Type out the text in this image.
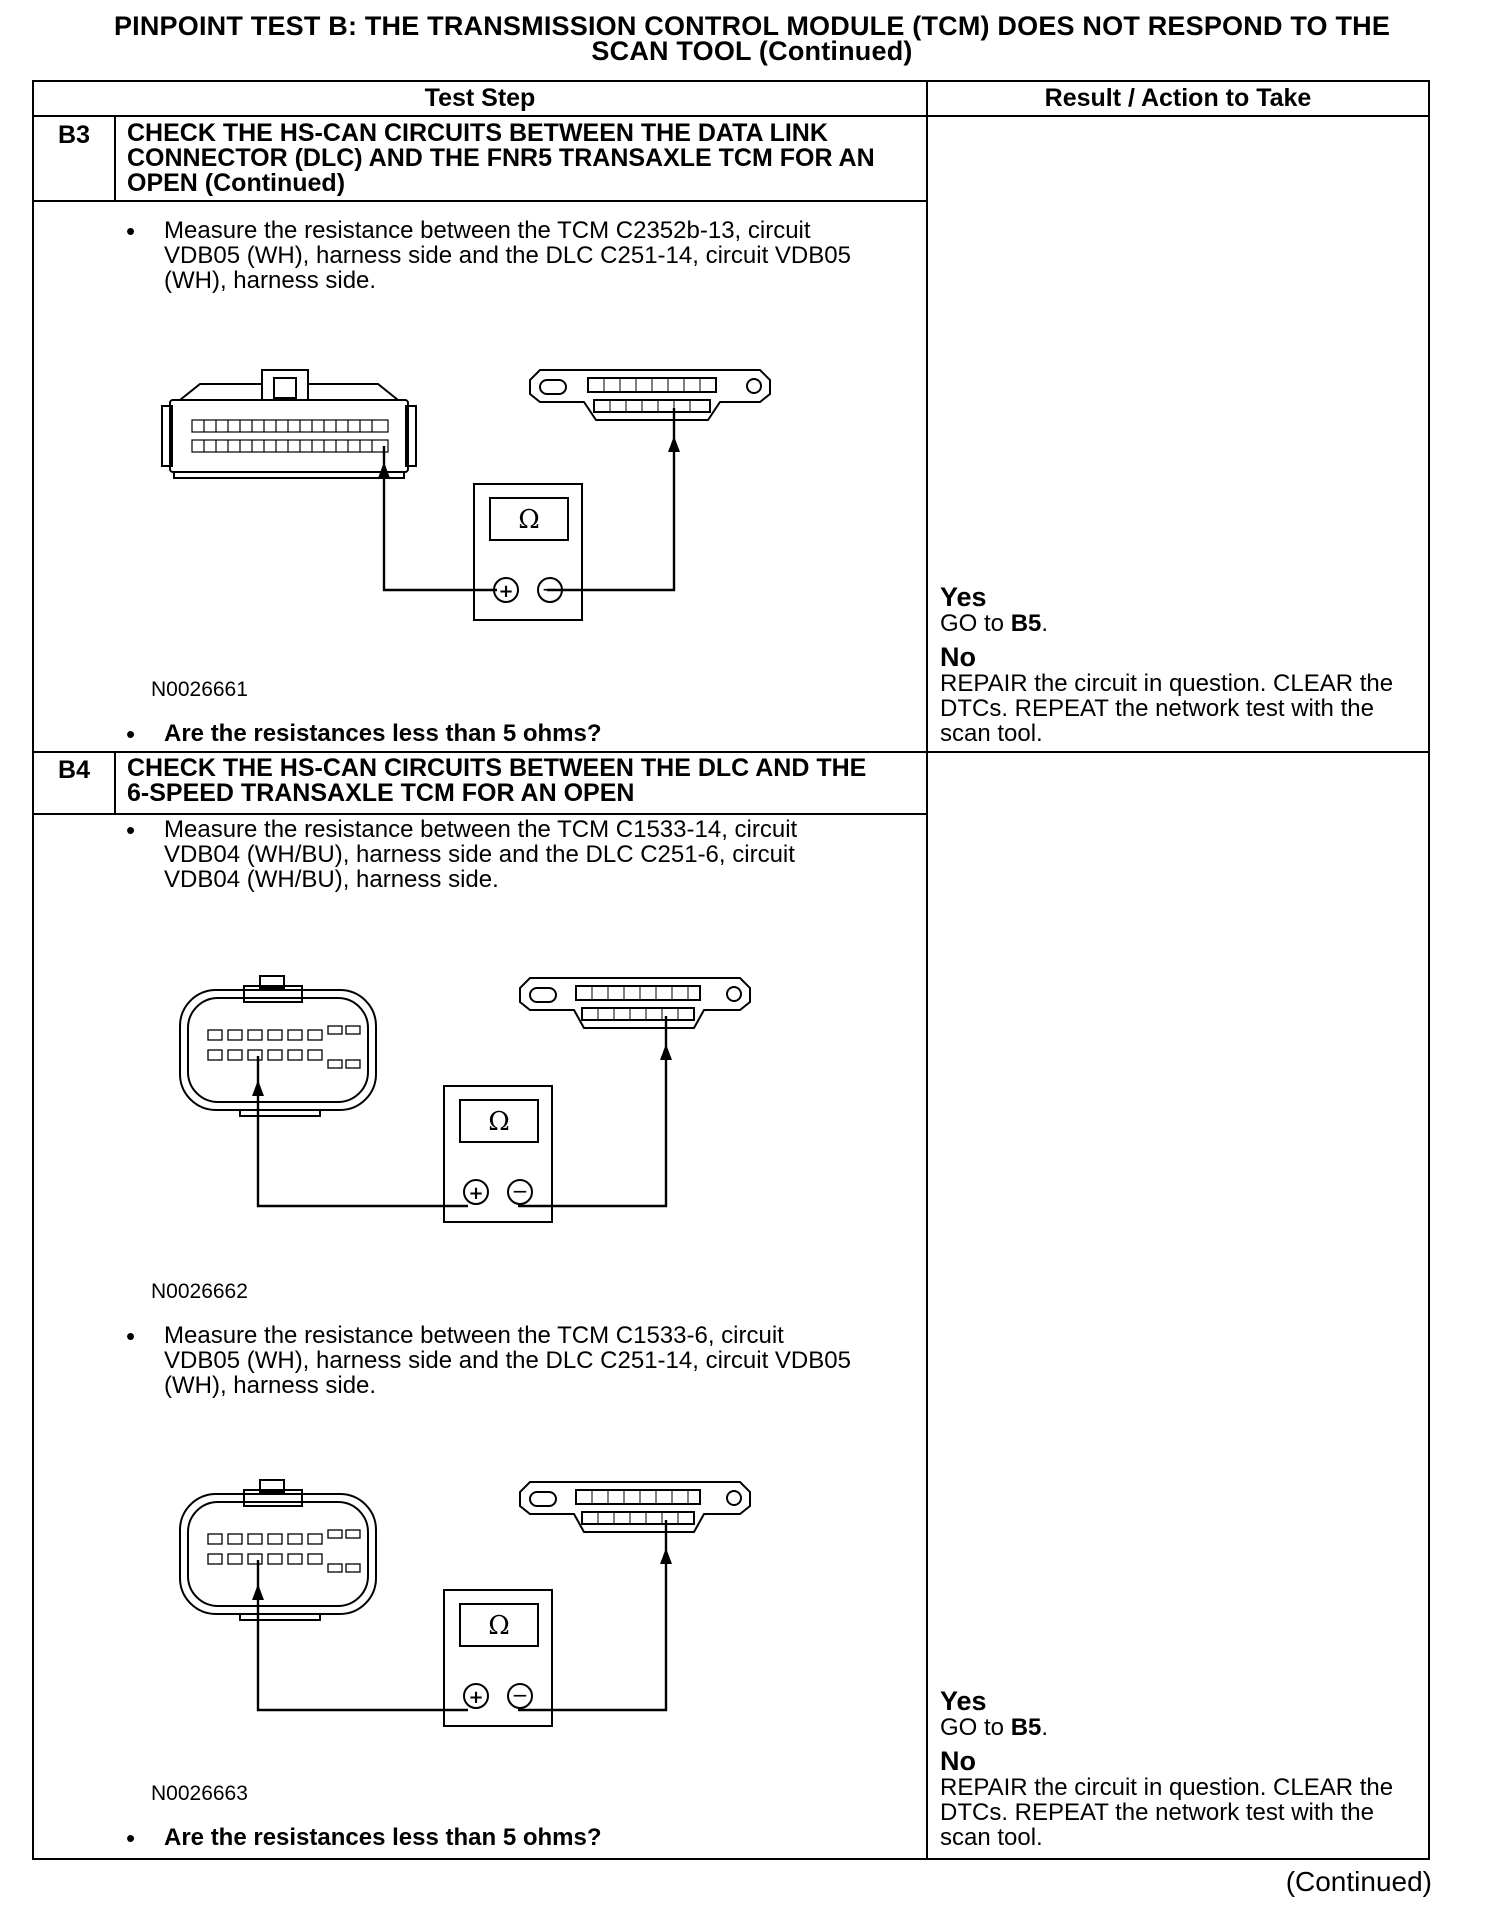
PINPOINT TEST B: THE TRANSMISSION CONTROL MODULE (TCM) DOES NOT RESPOND TO THE
SCAN TOOL (Continued)
Test Step	Result / Action to Take
B3	CHECK THE HS-CAN CIRCUITS BETWEEN THE DATA LINK
CONNECTOR (DLC) AND THE FNR5 TRANSAXLE TCM FOR AN
OPEN (Continued)
• Measure the resistance between the TCM C2352b-13, circuit
VDB05 (WH), harness side and the DLC C251-14, circuit VDB05
(WH), harness side.
Ω
+ −
N0026661
• Are the resistances less than 5 ohms?
Yes
GO to B5.
No
REPAIR the circuit in question. CLEAR the
DTCs. REPEAT the network test with the
scan tool.
B4	CHECK THE HS-CAN CIRCUITS BETWEEN THE DLC AND THE
6-SPEED TRANSAXLE TCM FOR AN OPEN
• Measure the resistance between the TCM C1533-14, circuit
VDB04 (WH/BU), harness side and the DLC C251-6, circuit
VDB04 (WH/BU), harness side.
Ω
+ −
N0026662
• Measure the resistance between the TCM C1533-6, circuit
VDB05 (WH), harness side and the DLC C251-14, circuit VDB05
(WH), harness side.
Ω
+ −
N0026663
• Are the resistances less than 5 ohms?
Yes
GO to B5.
No
REPAIR the circuit in question. CLEAR the
DTCs. REPEAT the network test with the
scan tool.
(Continued)
